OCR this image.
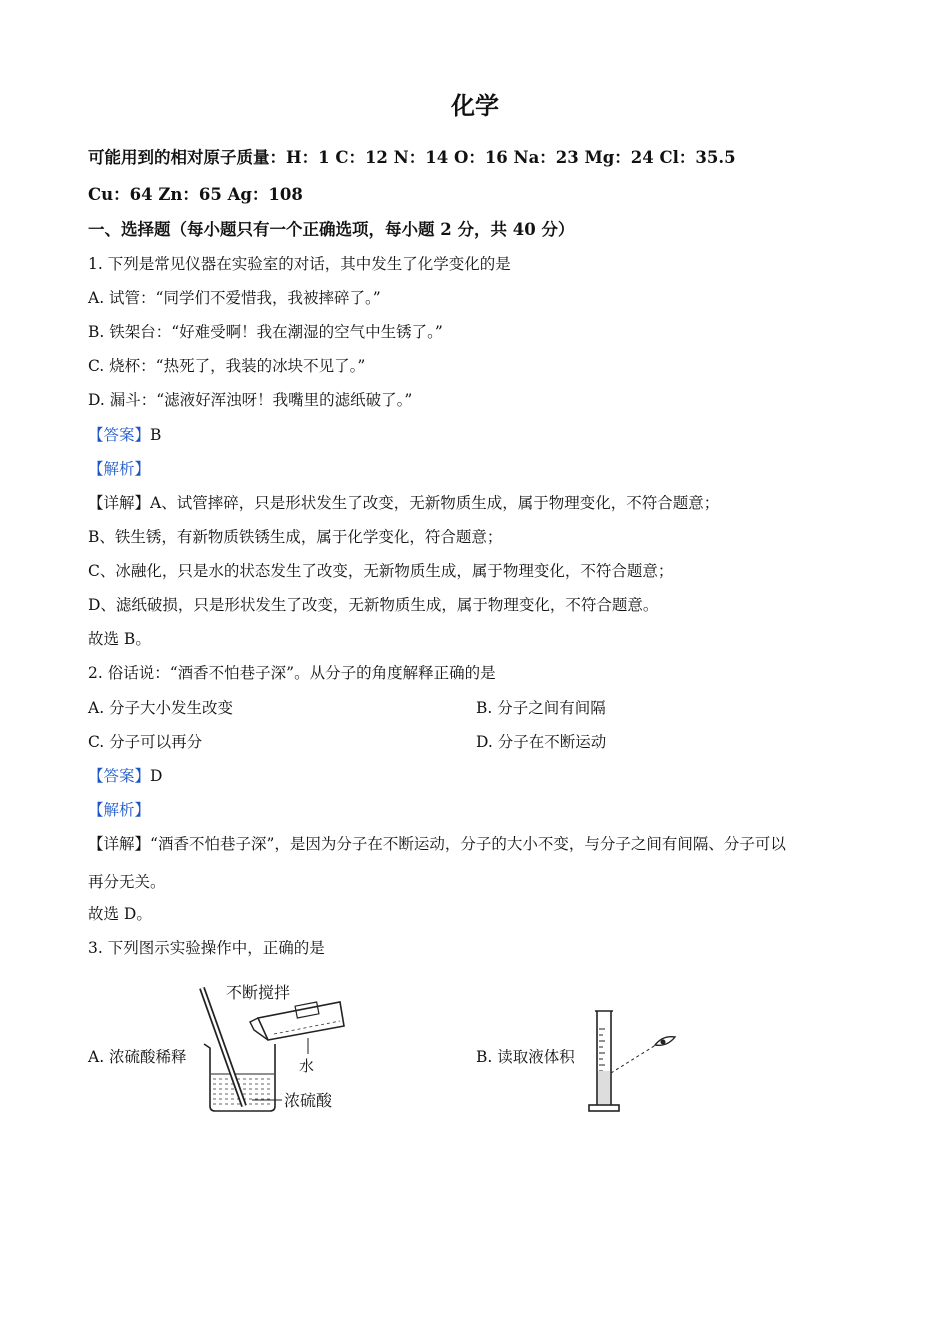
化学
可能用到的相对原子质量：H：1 C：12 N：14 O：16 Na：23 Mg：24 Cl：35.5
Cu：64 Zn：65 Ag：108
一、选择题（每小题只有一个正确选项，每小题 2 分，共 40 分）
1. 下列是常见仪器在实验室的对话，其中发生了化学变化的是
A. 试管：“同学们不爱惜我，我被摔碎了。”
B. 铁架台：“好难受啊！我在潮湿的空气中生锈了。”
C. 烧杯：“热死了，我装的冰块不见了。”
D. 漏斗：“滤液好浑浊呀！我嘴里的滤纸破了。”
【答案】B
【解析】
【详解】A、试管摔碎，只是形状发生了改变，无新物质生成，属于物理变化，不符合题意；
B、铁生锈，有新物质铁锈生成，属于化学变化，符合题意；
C、冰融化，只是水的状态发生了改变，无新物质生成，属于物理变化，不符合题意；
D、滤纸破损，只是形状发生了改变，无新物质生成，属于物理变化，不符合题意。
故选 B。
2. 俗话说：“酒香不怕巷子深”。从分子的角度解释正确的是
A. 分子大小发生改变	B. 分子之间有间隔
C. 分子可以再分	D. 分子在不断运动
【答案】D
【解析】
【详解】“酒香不怕巷子深”，是因为分子在不断运动，分子的大小不变，与分子之间有间隔、分子可以
再分无关。
故选 D。
3. 下列图示实验操作中，正确的是
A. 浓硫酸稀释	B. 读取液体积
水
不断搅拌
浓硫酸
